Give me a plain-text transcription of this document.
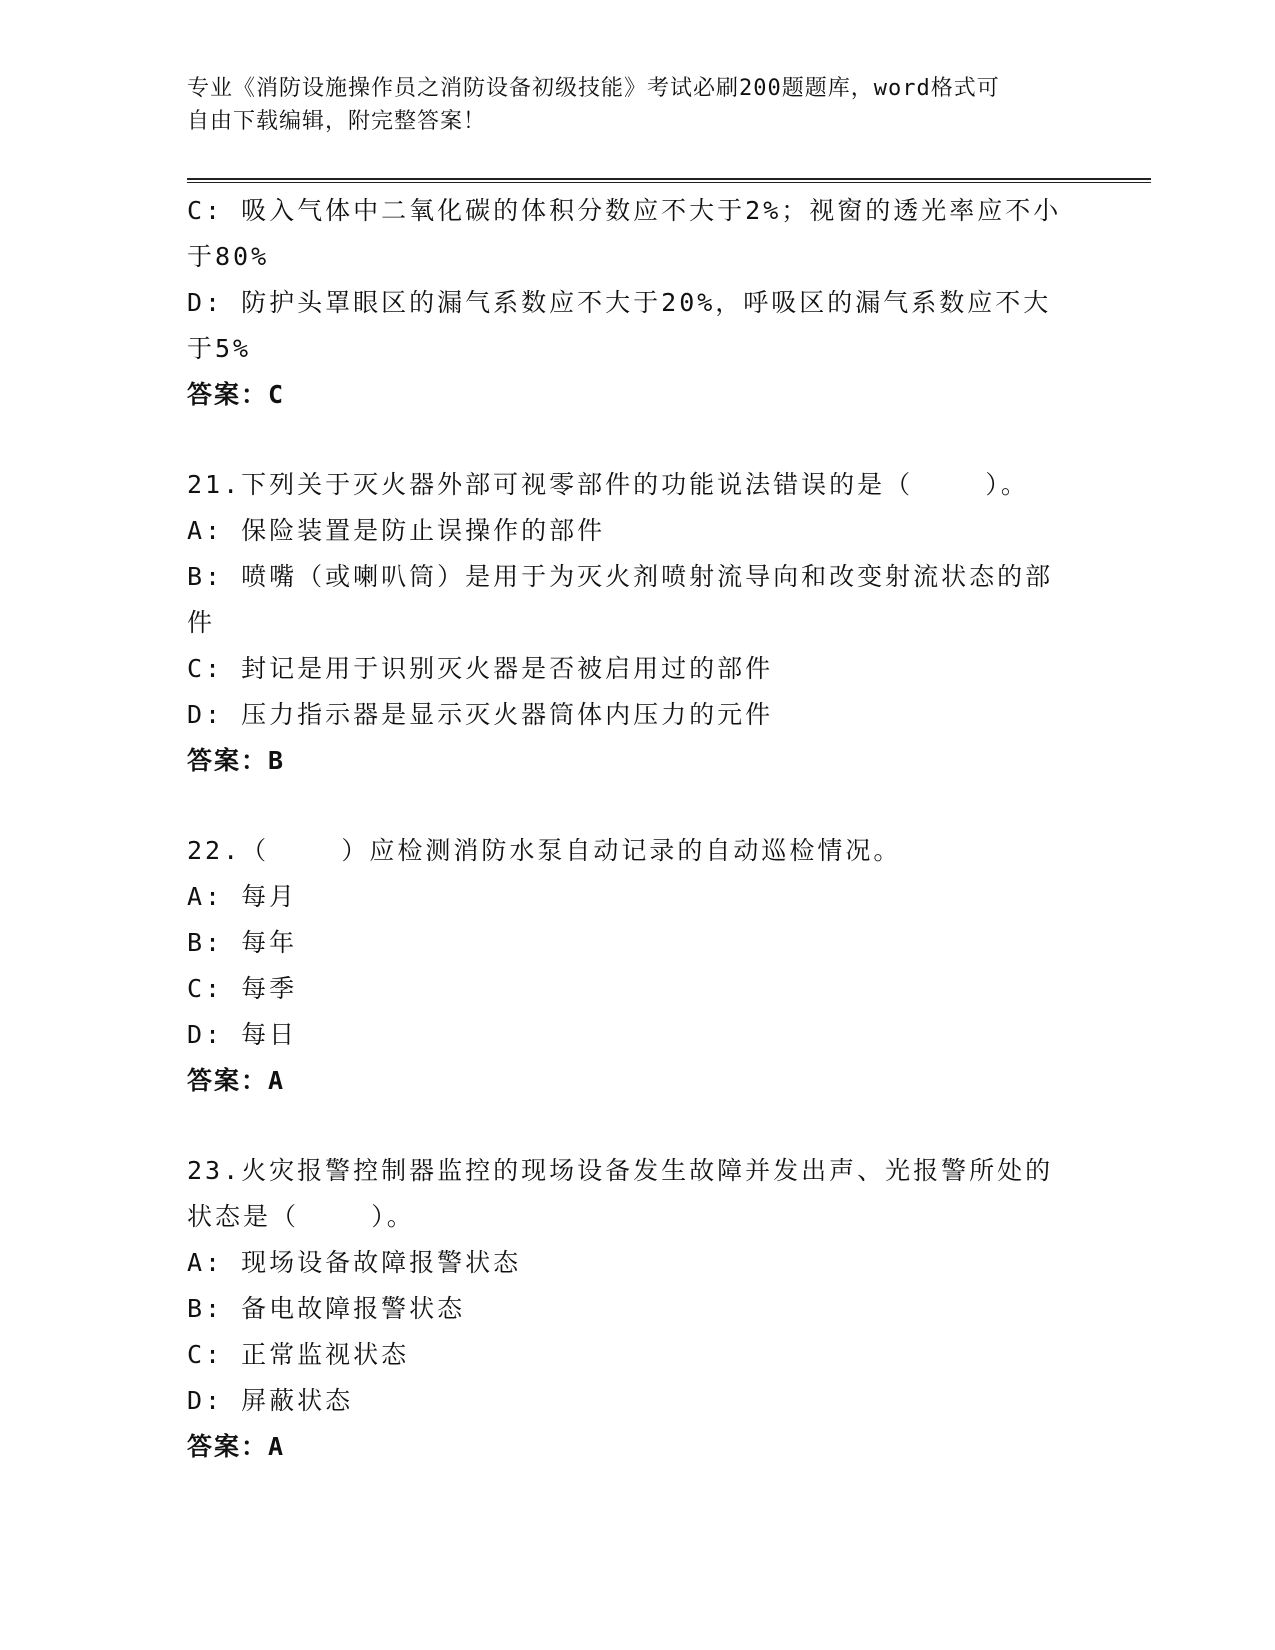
专业《消防设施操作员之消防设备初级技能》考试必刷200题题库，word格式可
自由下载编辑，附完整答案！
C: 吸入气体中二氧化碳的体积分数应不大于2%；视窗的透光率应不小
于80%
D: 防护头罩眼区的漏气系数应不大于20%，呼吸区的漏气系数应不大
于5%
答案：C
21.下列关于灭火器外部可视零部件的功能说法错误的是（    ）。
A: 保险装置是防止误操作的部件
B: 喷嘴（或喇叭筒）是用于为灭火剂喷射流导向和改变射流状态的部
件
C: 封记是用于识别灭火器是否被启用过的部件
D: 压力指示器是显示灭火器筒体内压力的元件
答案：B
22.（    ）应检测消防水泵自动记录的自动巡检情况。
A: 每月
B: 每年
C: 每季
D: 每日
答案：A
23.火灾报警控制器监控的现场设备发生故障并发出声、光报警所处的
状态是（    ）。
A: 现场设备故障报警状态
B: 备电故障报警状态
C: 正常监视状态
D: 屏蔽状态
答案：A
